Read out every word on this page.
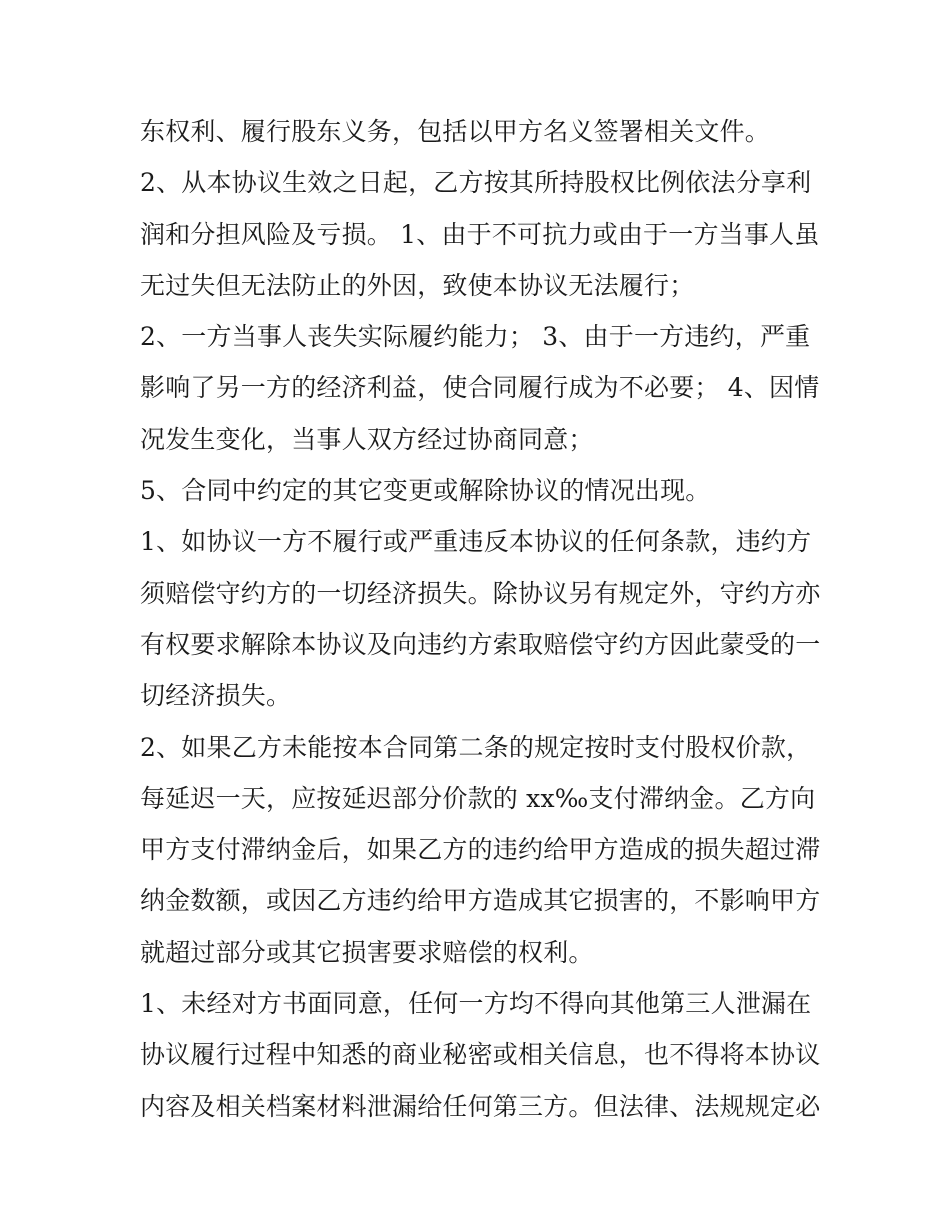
东权利、履行股东义务，包括以甲方名义签署相关文件。
2、从本协议生效之日起，乙方按其所持股权比例依法分享利
润和分担风险及亏损。 1、由于不可抗力或由于一方当事人虽
无过失但无法防止的外因，致使本协议无法履行；
2、一方当事人丧失实际履约能力； 3、由于一方违约，严重
影响了另一方的经济利益，使合同履行成为不必要； 4、因情
况发生变化，当事人双方经过协商同意；
5、合同中约定的其它变更或解除协议的情况出现。
1、如协议一方不履行或严重违反本协议的任何条款，违约方
须赔偿守约方的一切经济损失。除协议另有规定外，守约方亦
有权要求解除本协议及向违约方索取赔偿守约方因此蒙受的一
切经济损失。
2、如果乙方未能按本合同第二条的规定按时支付股权价款，
每延迟一天，应按延迟部分价款的 xx‰支付滞纳金。乙方向
甲方支付滞纳金后，如果乙方的违约给甲方造成的损失超过滞
纳金数额，或因乙方违约给甲方造成其它损害的，不影响甲方
就超过部分或其它损害要求赔偿的权利。
1、未经对方书面同意，任何一方均不得向其他第三人泄漏在
协议履行过程中知悉的商业秘密或相关信息，也不得将本协议
内容及相关档案材料泄漏给任何第三方。但法律、法规规定必
